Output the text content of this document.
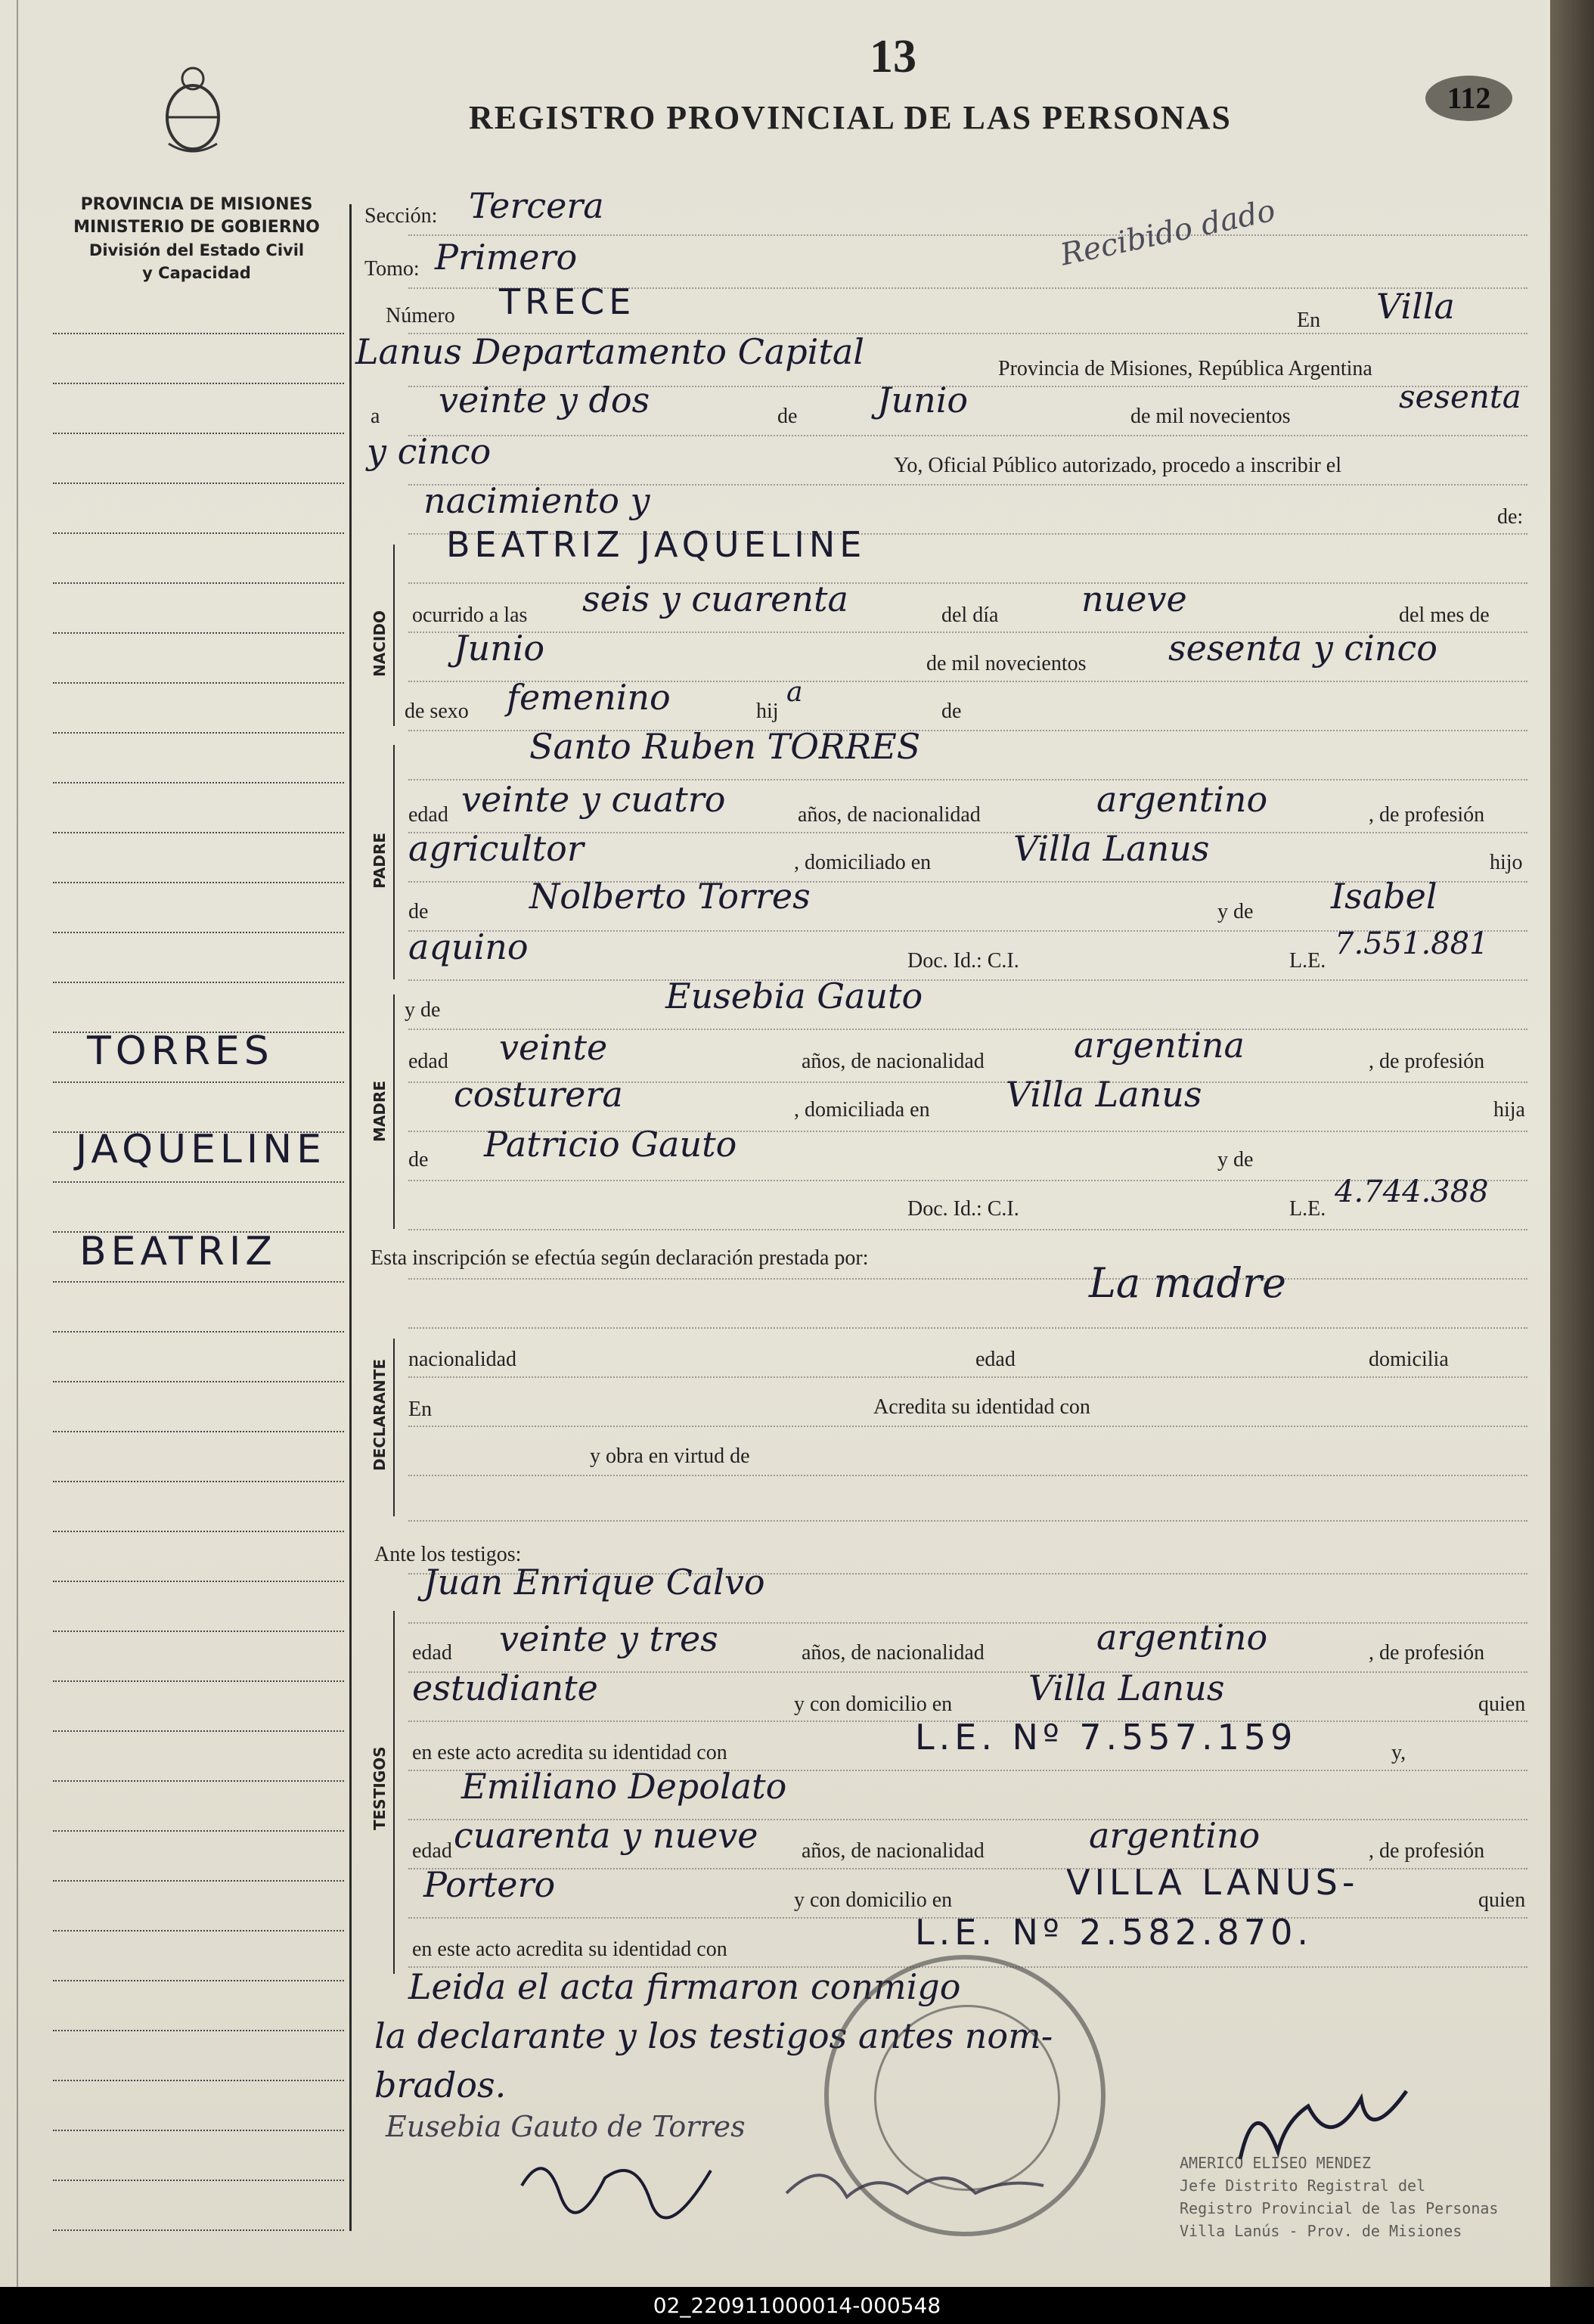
13
REGISTRO PROVINCIAL DE LAS PERSONAS
112
PROVINCIA DE MISIONES
MINISTERIO DE GOBIERNO
División del Estado Civil
y Capacidad
TORRES
JAQUELINE
BEATRIZ
Sección: Tercera	Recibido dado
Tomo: Primero
Número TRECE	En Villa
Lanus Departamento Capital	Provincia de Misiones, República Argentina
a veinte y dos	de Junio	de mil novecientos
sesenta
y cinco	Yo, Oficial Público autorizado, procedo a inscribir el
nacimiento y	de:
NACIDO
BEATRIZ JAQUELINE
ocurrido a las seis y cuarenta	del día nueve	del mes de
Junio	de mil novecientos sesenta y cinco
de sexo femenino	hij
a
de
PADRE
Santo Ruben TORRES
edad veinte y cuatro	años, de nacionalidad	argentino	, de profesión
agricultor	, domiciliado en Villa Lanus	hijo
de	Nolberto Torres	y de Isabel
aquino	Doc. Id.: C.I.	L.E. 7.551.881
MADRE
y de	Eusebia Gauto
edad veinte	años, de nacionalidad	argentina	, de profesión
costurera	, domiciliada en Villa Lanus	hija
de Patricio Gauto	y de
Doc. Id.: C.I.	L.E. 4.744.388
Esta inscripción se efectúa según declaración prestada por:
La madre
DECLARANTE nacionalidad	edad	domicilia
En	Acredita su identidad con
y obra en virtud de
Ante los testigos:
Juan Enrique Calvo
TESTIGOS
edad veinte y tres	años, de nacionalidad	argentino	, de profesión
estudiante	y con domicilio en Villa Lanus	quien
en este acto acredita su identidad con	L.E. Nº 7.557.159	y,
Emiliano Depolato
edad cuarenta y nueve años, de nacionalidad	argentino	, de profesión
Portero	y con domicilio en	VILLA LANUS-	quien
en este acto acredita su identidad con	L.E. Nº 2.582.870.
Leida el acta firmaron conmigo
la declarante y los testigos antes nom-
brados.
Eusebia Gauto de Torres
AMERICO ELISEO MENDEZ
Jefe Distrito Registral del
Registro Provincial de las Personas
Villa Lanús - Prov. de Misiones
02_220911000014-000548
